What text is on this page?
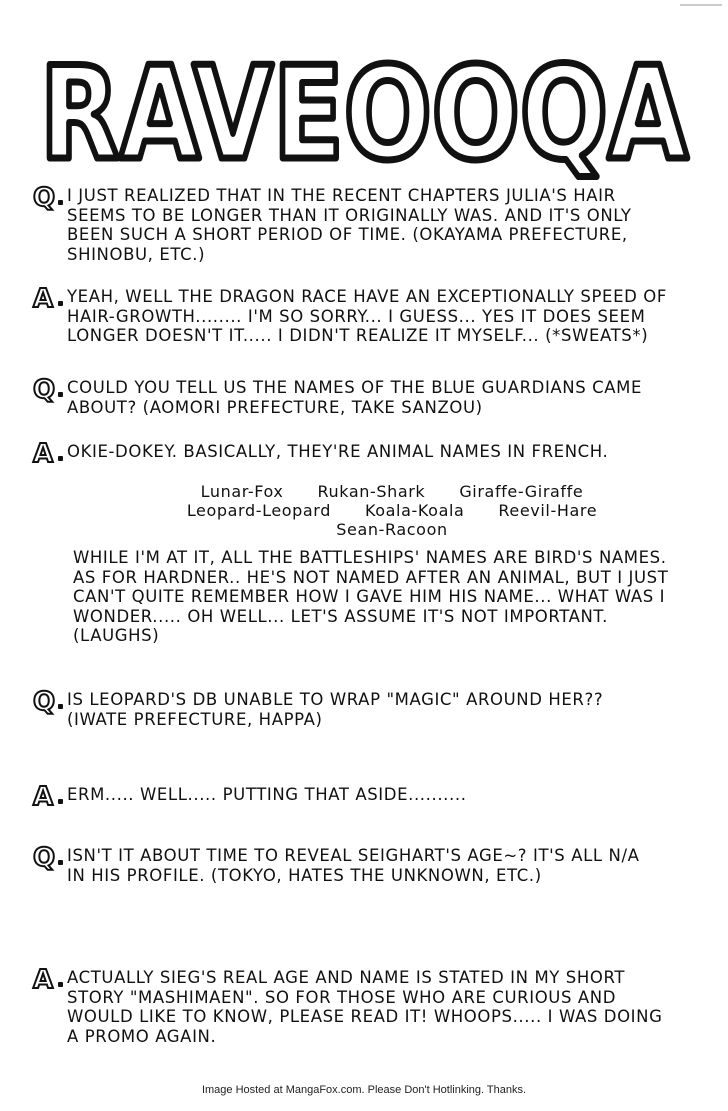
RAVEOOQA
Q I JUST REALIZED THAT IN THE RECENT CHAPTERS JULIA'S HAIR
SEEMS TO BE LONGER THAN IT ORIGINALLY WAS. AND IT'S ONLY
BEEN SUCH A SHORT PERIOD OF TIME. (OKAYAMA PREFECTURE,
SHINOBU, ETC.)
A YEAH, WELL THE DRAGON RACE HAVE AN EXCEPTIONALLY SPEED OF
HAIR-GROWTH........ I'M SO SORRY... I GUESS... YES IT DOES SEEM
LONGER DOESN'T IT..... I DIDN'T REALIZE IT MYSELF... (*SWEATS*)
Q COULD YOU TELL US THE NAMES OF THE BLUE GUARDIANS CAME
ABOUT? (AOMORI PREFECTURE, TAKE SANZOU)
A OKIE-DOKEY. BASICALLY, THEY'RE ANIMAL NAMES IN FRENCH.
Lunar-Fox Rukan-Shark Giraffe-Giraffe
Leopard-Leopard Koala-Koala Reevil-Hare
Sean-Racoon
WHILE I'M AT IT, ALL THE BATTLESHIPS' NAMES ARE BIRD'S NAMES.
AS FOR HARDNER.. HE'S NOT NAMED AFTER AN ANIMAL, BUT I JUST
CAN'T QUITE REMEMBER HOW I GAVE HIM HIS NAME... WHAT WAS I
WONDER..... OH WELL... LET'S ASSUME IT'S NOT IMPORTANT.
(LAUGHS)
Q IS LEOPARD'S DB UNABLE TO WRAP "MAGIC" AROUND HER??
(IWATE PREFECTURE, HAPPA)
A ERM..... WELL..... PUTTING THAT ASIDE..........
Q ISN'T IT ABOUT TIME TO REVEAL SEIGHART'S AGE~? IT'S ALL N/A
IN HIS PROFILE. (TOKYO, HATES THE UNKNOWN, ETC.)
A ACTUALLY SIEG'S REAL AGE AND NAME IS STATED IN MY SHORT
STORY "MASHIMAEN". SO FOR THOSE WHO ARE CURIOUS AND
WOULD LIKE TO KNOW, PLEASE READ IT! WHOOPS..... I WAS DOING
A PROMO AGAIN.
Image Hosted at MangaFox.com. Please Don't Hotlinking. Thanks.
